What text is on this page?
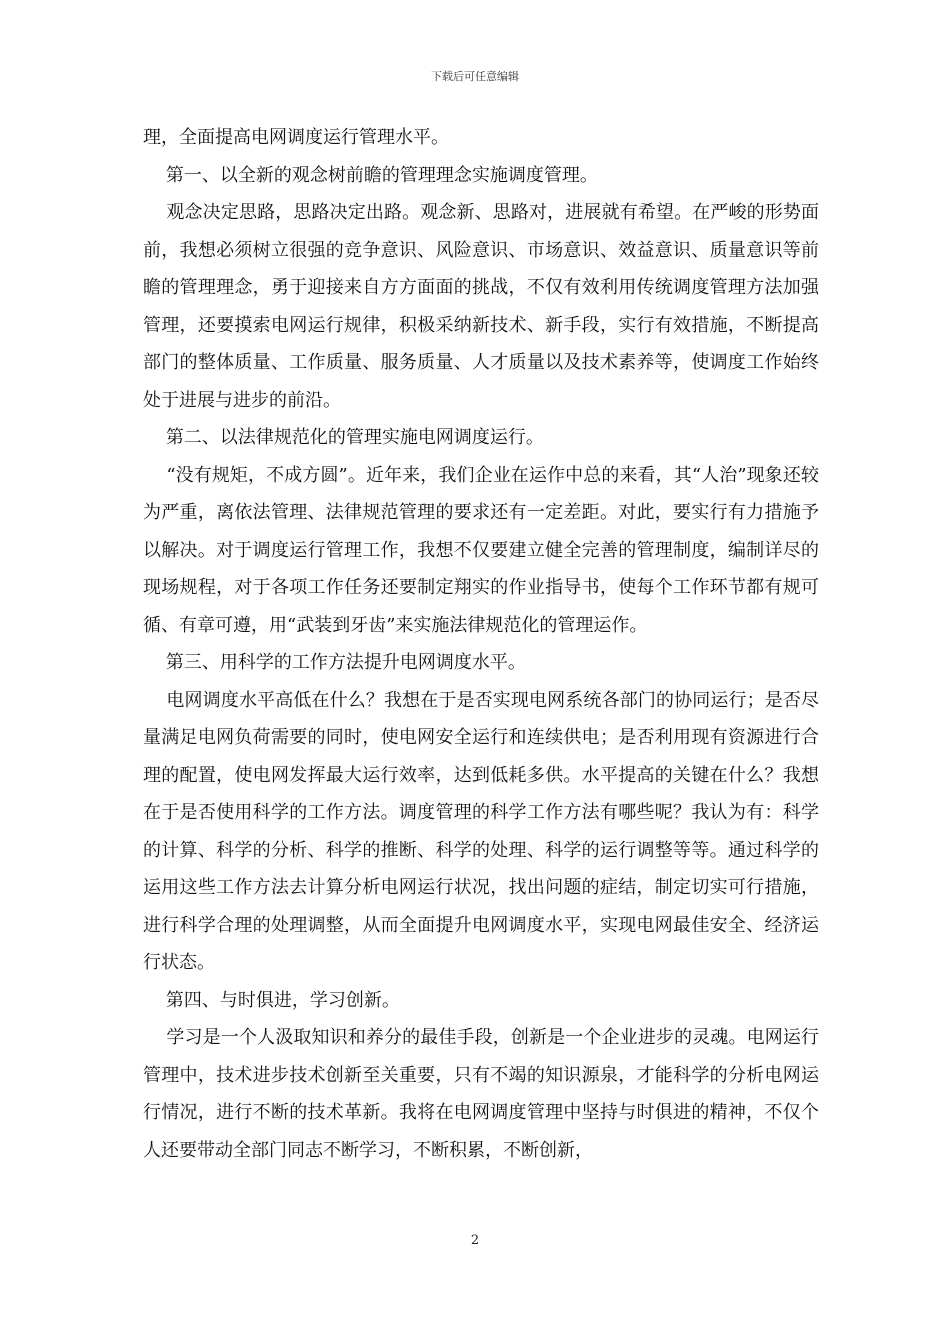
下载后可任意编辑

理，全面提高电网调度运行管理水平。

第一、以全新的观念树前瞻的管理理念实施调度管理。

观念决定思路，思路决定出路。观念新、思路对，进展就有希望。在严峻的形势面前，我想必须树立很强的竞争意识、风险意识、市场意识、效益意识、质量意识等前瞻的管理理念，勇于迎接来自方方面面的挑战，不仅有效利用传统调度管理方法加强管理，还要摸索电网运行规律，积极采纳新技术、新手段，实行有效措施，不断提高部门的整体质量、工作质量、服务质量、人才质量以及技术素养等，使调度工作始终处于进展与进步的前沿。

第二、以法律规范化的管理实施电网调度运行。

“没有规矩，不成方圆”。近年来，我们企业在运作中总的来看，其“人治”现象还较为严重，离依法管理、法律规范管理的要求还有一定差距。对此，要实行有力措施予以解决。对于调度运行管理工作，我想不仅要建立健全完善的管理制度，编制详尽的现场规程，对于各项工作任务还要制定翔实的作业指导书，使每个工作环节都有规可循、有章可遵，用“武装到牙齿”来实施法律规范化的管理运作。

第三、用科学的工作方法提升电网调度水平。

电网调度水平高低在什么？我想在于是否实现电网系统各部门的协同运行；是否尽量满足电网负荷需要的同时，使电网安全运行和连续供电；是否利用现有资源进行合理的配置，使电网发挥最大运行效率，达到低耗多供。水平提高的关键在什么？我想在于是否使用科学的工作方法。调度管理的科学工作方法有哪些呢？我认为有：科学的计算、科学的分析、科学的推断、科学的处理、科学的运行调整等等。通过科学的运用这些工作方法去计算分析电网运行状况，找出问题的症结，制定切实可行措施，进行科学合理的处理调整，从而全面提升电网调度水平，实现电网最佳安全、经济运行状态。

第四、与时俱进，学习创新。

学习是一个人汲取知识和养分的最佳手段，创新是一个企业进步的灵魂。电网运行管理中，技术进步技术创新至关重要，只有不竭的知识源泉，才能科学的分析电网运行情况，进行不断的技术革新。我将在电网调度管理中坚持与时俱进的精神，不仅个人还要带动全部门同志不断学习，不断积累，不断创新，

2
